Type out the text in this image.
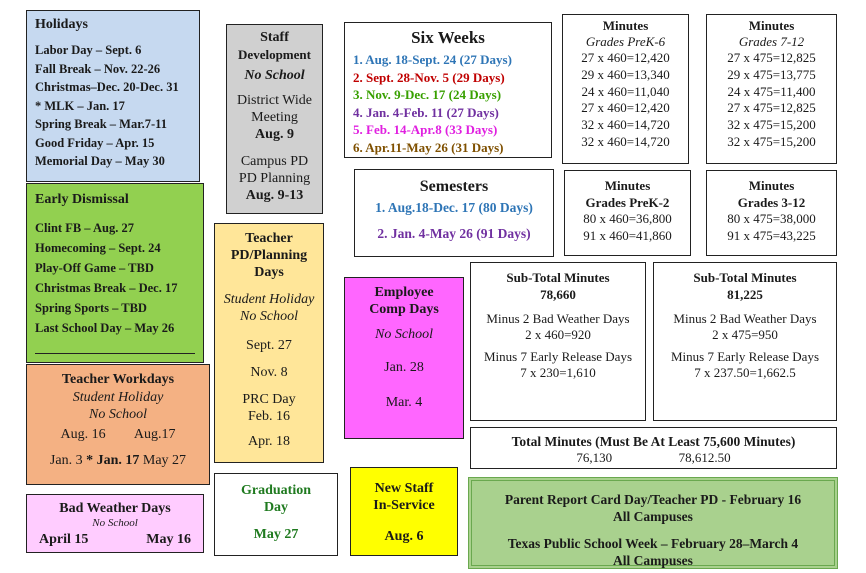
Holidays
Labor Day – Sept. 6
Fall Break – Nov. 22-26
Christmas–Dec. 20-Dec. 31
* MLK – Jan. 17
Spring Break – Mar.7-11
Good Friday – Apr. 15
Memorial Day – May 30
Early Dismissal
Clint FB – Aug. 27
Homecoming – Sept. 24
Play-Off Game – TBD
Christmas Break – Dec. 17
Spring Sports – TBD
Last School Day – May 26
Teacher Workdays
Student Holiday
No School
Aug. 16 Aug.17
Jan. 3 * Jan. 17 May 27
Bad Weather Days
No School
April 15	May 16
Staff
Development
No School
District Wide
Meeting
Aug. 9
Campus PD
PD Planning
Aug. 9-13
Teacher
PD/Planning
Days
Student Holiday
No School
Sept. 27
Nov. 8
PRC Day
Feb. 16
Apr. 18
Graduation
Day
May 27
Six Weeks
1. Aug. 18-Sept. 24 (27 Days)
2. Sept. 28-Nov. 5 (29 Days)
3. Nov. 9-Dec. 17 (24 Days)
4. Jan. 4-Feb. 11 (27 Days)
5. Feb. 14-Apr.8 (33 Days)
6. Apr.11-May 26 (31 Days)
Semesters
1. Aug.18-Dec. 17 (80 Days)
2. Jan. 4-May 26 (91 Days)
Employee
Comp Days
No School
Jan. 28
Mar. 4
New Staff
In-Service
Aug. 6
Minutes
Grades PreK-6
27 x 460=12,420
29 x 460=13,340
24 x 460=11,040
27 x 460=12,420
32 x 460=14,720
32 x 460=14,720
Minutes
Grades 7-12
27 x 475=12,825
29 x 475=13,775
24 x 475=11,400
27 x 475=12,825
32 x 475=15,200
32 x 475=15,200
Minutes
Grades PreK-2
80 x 460=36,800
91 x 460=41,860
Minutes
Grades 3-12
80 x 475=38,000
91 x 475=43,225
Sub-Total Minutes
78,660
Minus 2 Bad Weather Days
2 x 460=920
Minus 7 Early Release Days
7 x 230=1,610
Sub-Total Minutes
81,225
Minus 2 Bad Weather Days
2 x 475=950
Minus 7 Early Release Days
7 x 237.50=1,662.5
Total Minutes (Must Be At Least 75,600 Minutes)
76,130	78,612.50
Parent Report Card Day/Teacher PD - February 16
All Campuses
Texas Public School Week – February 28–March 4
All Campuses
